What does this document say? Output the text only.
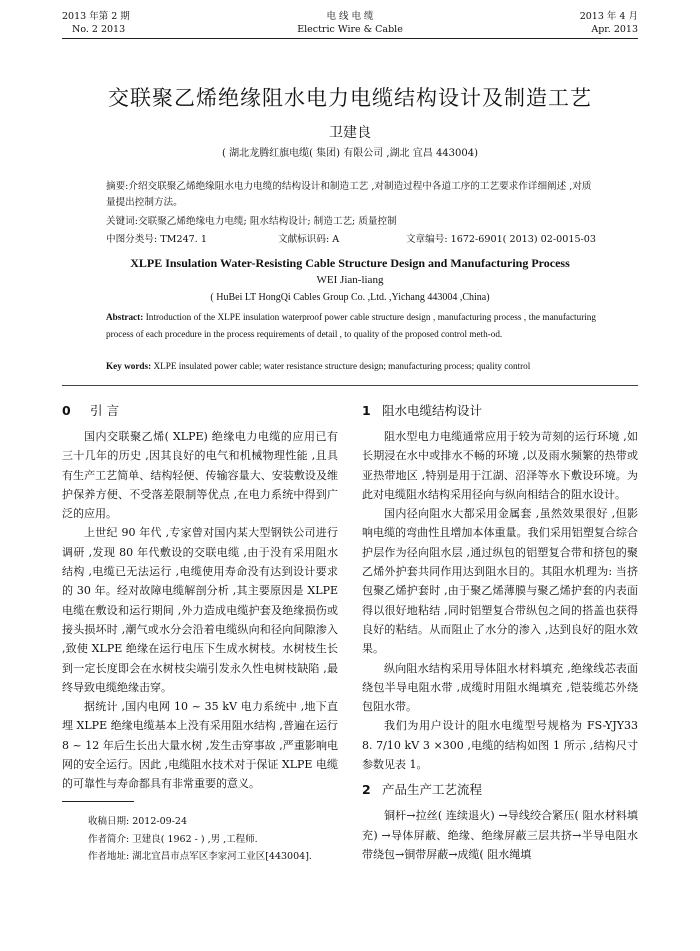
2013 年第 2 期
No. 2 2013
电 线 电 缆
Electric Wire & Cable
2013 年 4 月
Apr. 2013
交联聚乙烯绝缘阻水电力电缆结构设计及制造工艺
卫建良
( 湖北龙腾红旗电缆( 集团) 有限公司 ,湖北 宜昌 443004)
摘要:介绍交联聚乙烯绝缘阻水电力电缆的结构设计和制造工艺 ,对制造过程中各道工序的工艺要求作详细阐述 ,对质量提出控制方法。
关键词:交联聚乙烯绝缘电力电缆; 阻水结构设计; 制造工艺; 质量控制
中图分类号: TM247. 1	文献标识码: A	文章编号: 1672-6901( 2013) 02-0015-03
XLPE Insulation Water-Resisting Cable Structure Design and Manufacturing Process
WEI Jian-liang
( HuBei LT HongQi Cables Group Co. ,Ltd. ,Yichang 443004 ,China)
Abstract: Introduction of the XLPE insulation waterproof power cable structure design , manufacturing process , the manufacturing process of each procedure in the process requirements of detail , to quality of the proposed control meth-od.
Key words: XLPE insulated power cable; water resistance structure design; manufacturing process; quality control
0 引 言

国内交联聚乙烯( XLPE) 绝缘电力电缆的应用已有三十几年的历史 ,因其良好的电气和机械物理性能 ,且具有生产工艺简单、结构轻便、传输容量大、安装敷设及维护保养方便、不受落差限制等优点 ,在电力系统中得到广泛的应用。

上世纪 90 年代 ,专家曾对国内某大型钢铁公司进行调研 ,发现 80 年代敷设的交联电缆 ,由于没有采用阻水结构 ,电缆已无法运行 ,电缆使用寿命没有达到设计要求的 30 年。经对故障电缆解剖分析 ,其主要原因是 XLPE 电缆在敷设和运行期间 ,外力造成电缆护套及绝缘损伤或接头损坏时 ,潮气或水分会沿着电缆纵向和径向间隙渗入 ,致使 XLPE 绝缘在运行电压下生成水树枝。水树枝生长到一定长度即会在水树枝尖端引发永久性电树枝缺陷 ,最终导致电缆绝缘击穿。

据统计 ,国内电网 10 ~ 35 kV 电力系统中 ,地下直埋 XLPE 绝缘电缆基本上没有采用阻水结构 ,普遍在运行 8 ~ 12 年后生长出大量水树 ,发生击穿事故 ,严重影响电网的安全运行。因此 ,电缆阻水技术对于保证 XLPE 电缆的可靠性与寿命都具有非常重要的意义。

1 阻水电缆结构设计

阻水型电力电缆通常应用于较为苛刻的运行环境 ,如长期浸在水中或排水不畅的环境 ,以及雨水频繁的热带或亚热带地区 ,特别是用于江湖、沼泽等水下敷设环境。为此对电缆阻水结构采用径向与纵向相结合的阻水设计。

国内径向阻水大都采用金属套 ,虽然效果很好 ,但影响电缆的弯曲性且增加本体重量。我们采用铝塑复合综合护层作为径向阻水层 ,通过纵包的铝塑复合带和挤包的聚乙烯外护套共同作用达到阻水目的。其阻水机理为: 当挤包聚乙烯护套时 ,由于聚乙烯薄膜与聚乙烯护套的内表面得以很好地粘结 ,同时铝塑复合带纵包之间的搭盖也获得良好的粘结。从而阻止了水分的渗入 ,达到良好的阻水效果。

纵向阻水结构采用导体阻水材料填充 ,绝缘线芯表面绕包半导电阻水带 ,成缆时用阻水绳填充 ,铠装缆芯外绕包阻水带。

我们为用户设计的阻水电缆型号规格为 FS-YJY33 8. 7/10 kV 3 ×300 ,电缆的结构如图 1 所示 ,结构尺寸参数见表 1。

2 产品生产工艺流程

铜杆→拉丝( 连续退火) →导线绞合紧压( 阻水材料填充) →导体屏蔽、绝缘、绝缘屏蔽三层共挤→半导电阻水带绕包→铜带屏蔽→成缆( 阻水绳填

收稿日期: 2012-09-24
作者简介: 卫建良( 1962 - ) ,男 ,工程师.
作者地址: 湖北宜昌市点军区李家河工业区[443004].
